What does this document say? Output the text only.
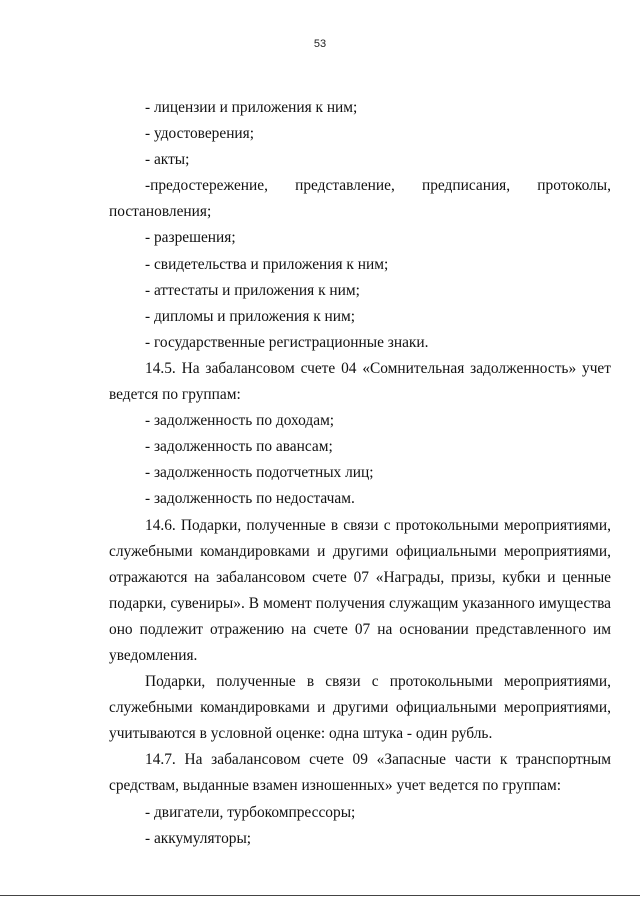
53

- лицензии и приложения к ним;

- удостоверения;

- акты;

-предостережение, представление, предписания, протоколы,

постановления;

- разрешения;

- свидетельства и приложения к ним;

- аттестаты и приложения к ним;

- дипломы и приложения к ним;

- государственные регистрационные знаки.

14.5. На забалансовом счете 04 «Сомнительная задолженность» учет ведется по группам:

- задолженность по доходам;

- задолженность по авансам;

- задолженность подотчетных лиц;

- задолженность по недостачам.

14.6. Подарки, полученные в связи с протокольными мероприятиями, служебными командировками и другими официальными мероприятиями, отражаются на забалансовом счете 07 «Награды, призы, кубки и ценные подарки, сувениры». В момент получения служащим указанного имущества оно подлежит отражению на счете 07 на основании представленного им уведомления.

Подарки, полученные в связи с протокольными мероприятиями, служебными командировками и другими официальными мероприятиями, учитываются в условной оценке: одна штука - один рубль.

14.7. На забалансовом счете 09 «Запасные части к транспортным средствам, выданные взамен изношенных» учет ведется по группам:

- двигатели, турбокомпрессоры;

- аккумуляторы;
